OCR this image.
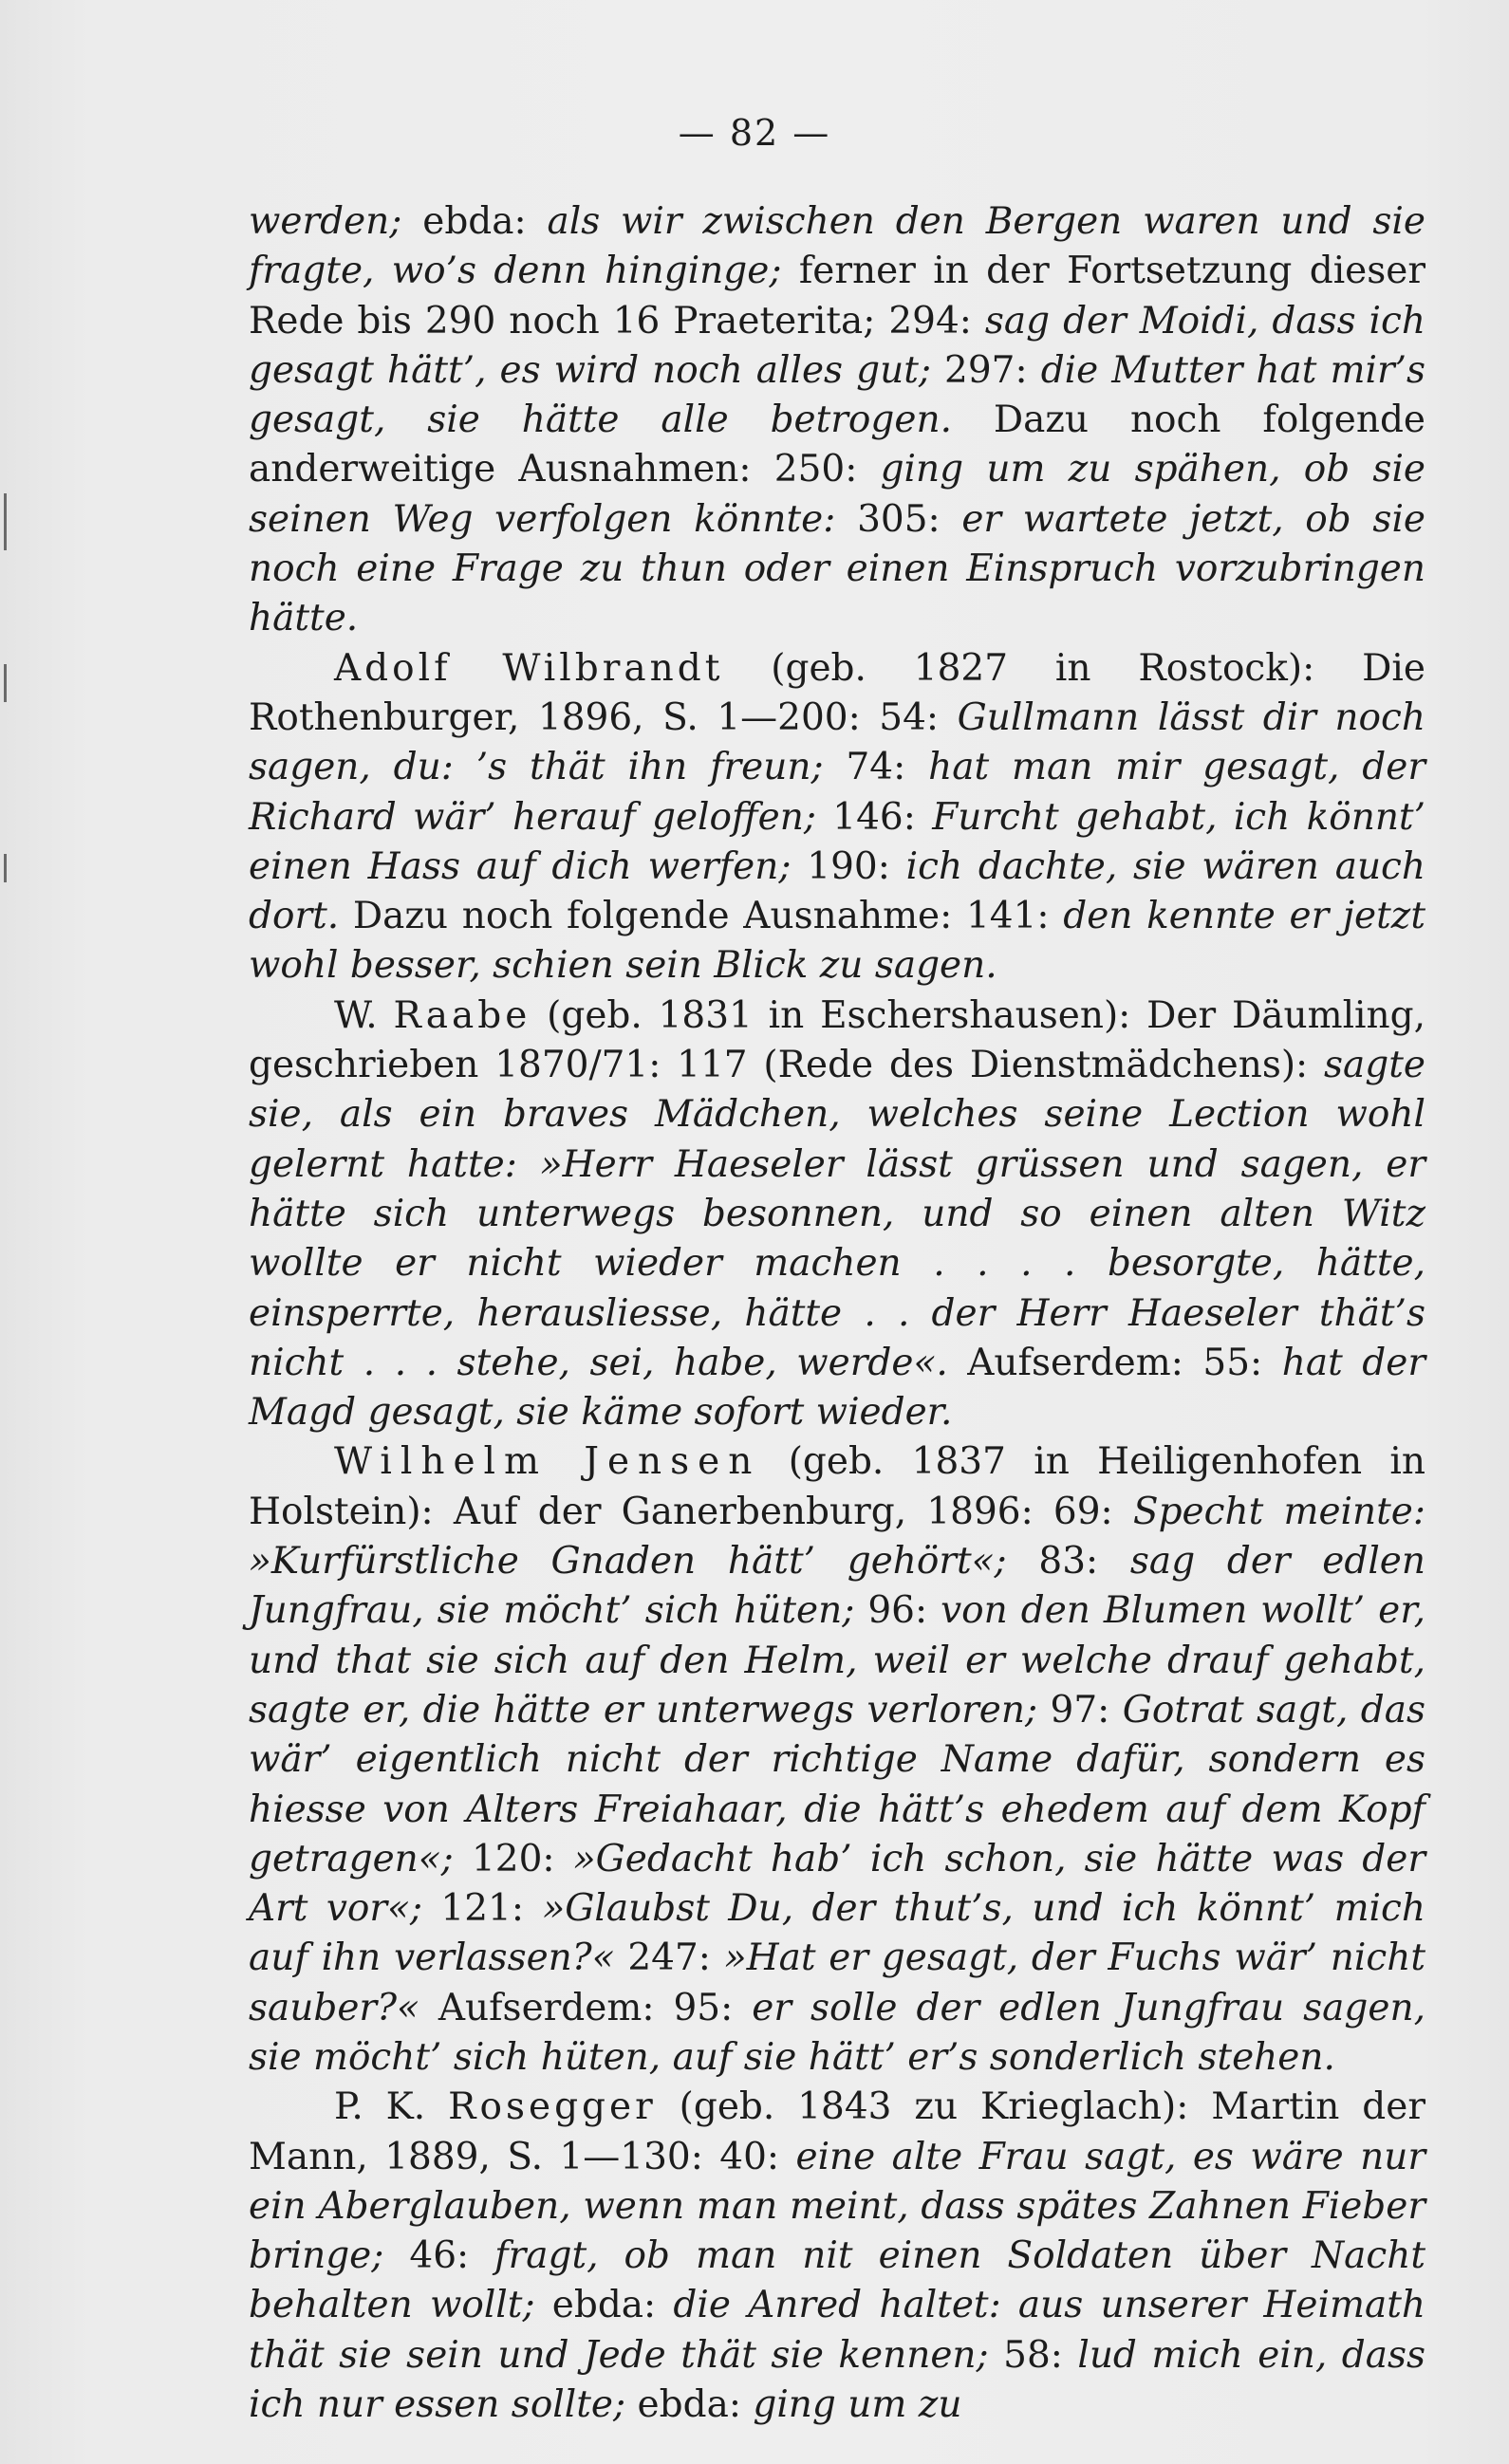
— 82 —

werden; ebda: als wir zwischen den Bergen waren und sie fragte, wo’s denn hinginge; ferner in der Fortsetzung dieser Rede bis 290 noch 16 Praeterita; 294: sag der Moidi, dass ich gesagt hätt’, es wird noch alles gut; 297: die Mutter hat mir’s gesagt, sie hätte alle betrogen. Dazu noch folgende anderweitige Ausnahmen: 250: ging um zu spähen, ob sie seinen Weg verfolgen könnte: 305: er wartete jetzt, ob sie noch eine Frage zu thun oder einen Einspruch vorzubringen hätte.

Adolf Wilbrandt (geb. 1827 in Rostock): Die Rothenburger, 1896, S. 1—200: 54: Gullmann lässt dir noch sagen, du: ’s thät ihn freun; 74: hat man mir gesagt, der Richard wär’ herauf geloffen; 146: Furcht gehabt, ich könnt’ einen Hass auf dich werfen; 190: ich dachte, sie wären auch dort. Dazu noch folgende Ausnahme: 141: den kennte er jetzt wohl besser, schien sein Blick zu sagen.

W. Raabe (geb. 1831 in Eschershausen): Der Däumling, geschrieben 1870/71: 117 (Rede des Dienstmädchens): sagte sie, als ein braves Mädchen, welches seine Lection wohl gelernt hatte: »Herr Haeseler lässt grüssen und sagen, er hätte sich unterwegs besonnen, und so einen alten Witz wollte er nicht wieder machen . . . . besorgte, hätte, einsperrte, herausliesse, hätte . . der Herr Haeseler thät’s nicht . . . stehe, sei, habe, werde«. Aufserdem: 55: hat der Magd gesagt, sie käme sofort wieder.

Wilhelm Jensen (geb. 1837 in Heiligenhofen in Holstein): Auf der Ganerbenburg, 1896: 69: Specht meinte: »Kurfürstliche Gnaden hätt’ gehört«; 83: sag der edlen Jungfrau, sie möcht’ sich hüten; 96: von den Blumen wollt’ er, und that sie sich auf den Helm, weil er welche drauf gehabt, sagte er, die hätte er unterwegs verloren; 97: Gotrat sagt, das wär’ eigentlich nicht der richtige Name dafür, sondern es hiesse von Alters Freiahaar, die hätt’s ehedem auf dem Kopf getragen«; 120: »Gedacht hab’ ich schon, sie hätte was der Art vor«; 121: »Glaubst Du, der thut’s, und ich könnt’ mich auf ihn verlassen?« 247: »Hat er gesagt, der Fuchs wär’ nicht sauber?« Aufserdem: 95: er solle der edlen Jungfrau sagen, sie möcht’ sich hüten, auf sie hätt’ er’s sonderlich stehen.

P. K. Rosegger (geb. 1843 zu Krieglach): Martin der Mann, 1889, S. 1—130: 40: eine alte Frau sagt, es wäre nur ein Aberglauben, wenn man meint, dass spätes Zahnen Fieber bringe; 46: fragt, ob man nit einen Soldaten über Nacht behalten wollt; ebda: die Anred haltet: aus unserer Heimath thät sie sein und Jede thät sie kennen; 58: lud mich ein, dass ich nur essen sollte; ebda: ging um zu
